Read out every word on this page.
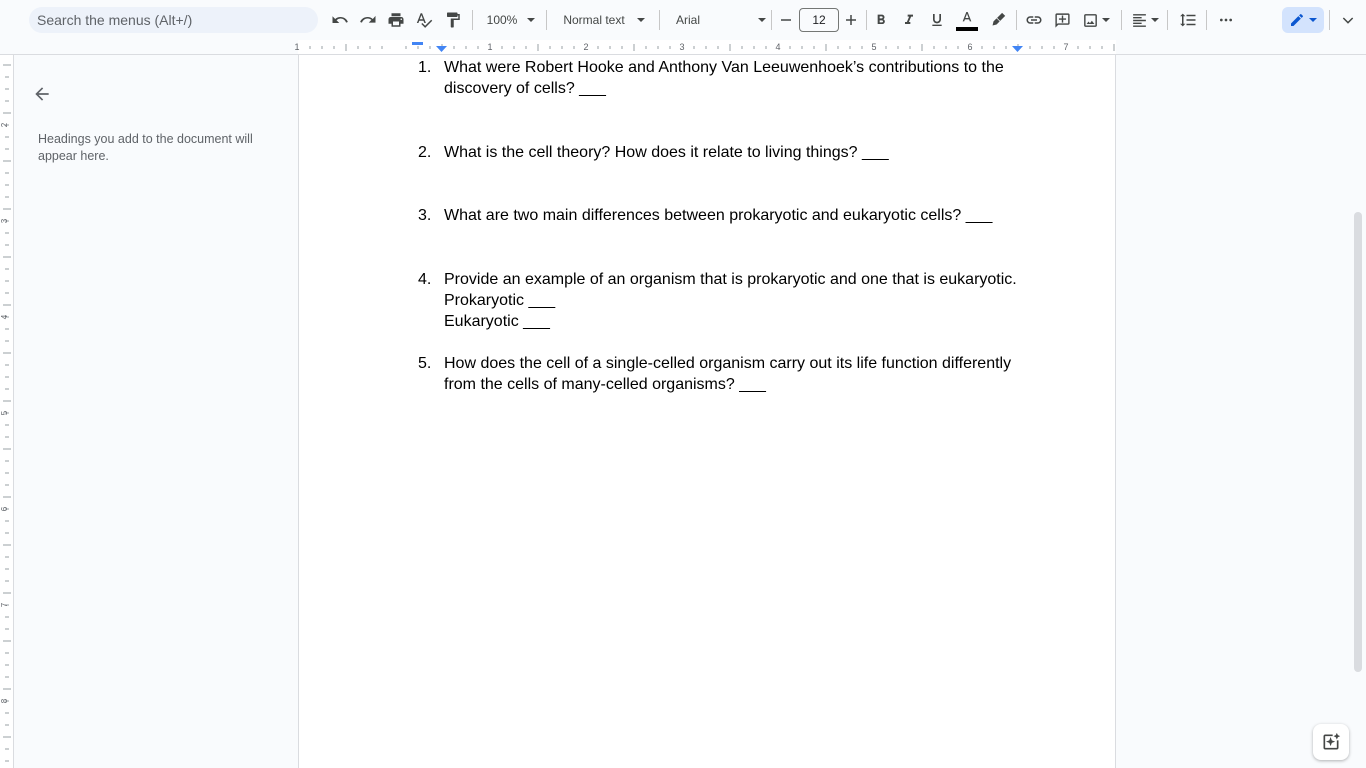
Search the menus (Alt+/)
100%	Normal text	Arial	12
1	1	2	3	4	5	6	7
2
3
4
5
6
7
8
Headings you add to the document will appear here.
1. What were Robert Hooke and Anthony Van Leeuwenhoek’s contributions to the
discovery of cells? ___
2. What is the cell theory? How does it relate to living things? ___
3. What are two main differences between prokaryotic and eukaryotic cells? ___
4. Provide an example of an organism that is prokaryotic and one that is eukaryotic.
Prokaryotic ___
Eukaryotic ___
5. How does the cell of a single-celled organism carry out its life function differently
from the cells of many-celled organisms? ___
